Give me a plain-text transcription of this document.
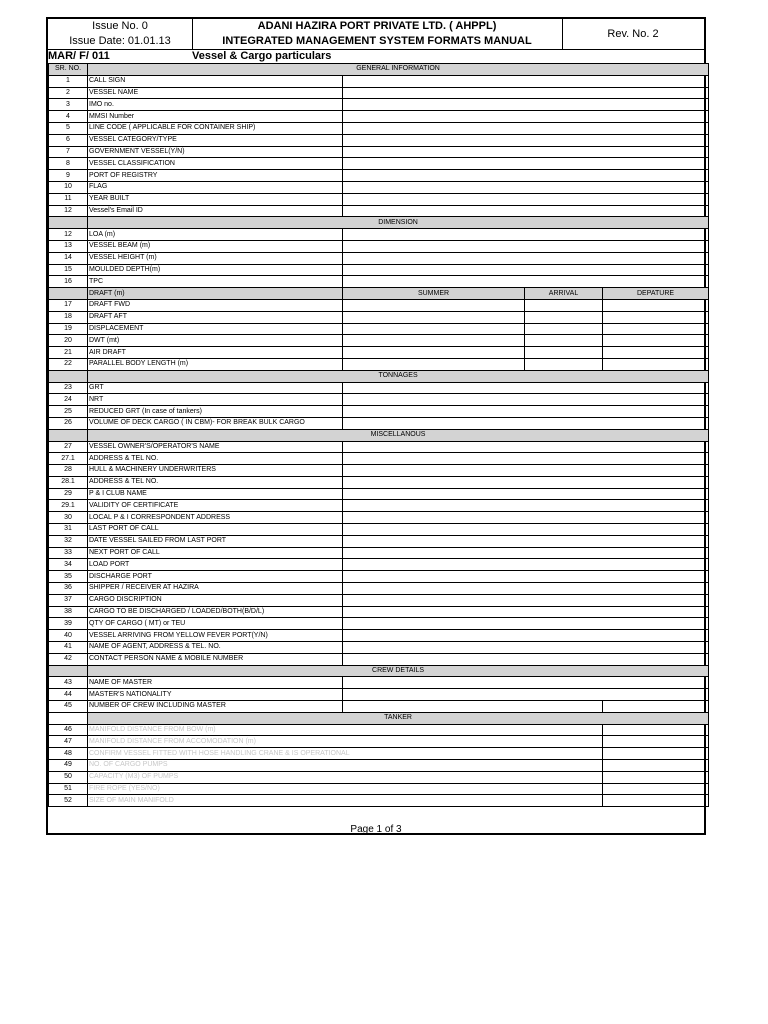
Issue No. 0
Issue Date: 01.01.13
ADANI HAZIRA PORT PRIVATE LTD. ( AHPPL)
INTEGRATED MANAGEMENT SYSTEM FORMATS MANUAL
Rev. No. 2
MAR/ F/ 011	Vessel & Cargo particulars
SR. NO.	GENERAL INFORMATION			
1	CALL SIGN			
2	VESSEL NAME			
3	IMO no.			
4	MMSI Number			
5	LINE CODE ( APPLICABLE FOR CONTAINER SHIP)			
6	VESSEL CATEGORY/TYPE			
7	GOVERNMENT VESSEL(Y/N)			
8	VESSEL CLASSIFICATION			
9	PORT OF REGISTRY			
10	FLAG			
11	YEAR BUILT			
12	Vessel's Email ID			
	DIMENSION			
12	LOA (m)			
13	VESSEL BEAM (m)			
14	VESSEL HEIGHT (m)			
15	MOULDED DEPTH(m)			
16	TPC			
	DRAFT (m)	SUMMER	ARRIVAL	DEPATURE
17	DRAFT FWD			
18	DRAFT AFT			
19	DISPLACEMENT			
20	DWT (mt)			
21	AIR DRAFT			
22	PARALLEL BODY LENGTH (m)			
	TONNAGES			
23	GRT			
24	NRT			
25	REDUCED GRT (In case of tankers)			
26	VOLUME OF DECK CARGO ( IN CBM)- FOR BREAK BULK CARGO			
	MISCELLANOUS			
27	VESSEL OWNER'S/OPERATOR'S NAME			
27.1	ADDRESS & TEL NO.			
28	HULL & MACHINERY UNDERWRITERS			
28.1	ADDRESS & TEL NO.			
29	P & I CLUB NAME			
29.1	VALIDITY OF CERTIFICATE			
30	LOCAL P & I CORRESPONDENT ADDRESS			
31	LAST PORT OF CALL			
32	DATE VESSEL SAILED FROM LAST PORT			
33	NEXT PORT OF CALL			
34	LOAD PORT			
35	DISCHARGE PORT			
36	SHIPPER / RECEIVER AT HAZIRA			
37	CARGO DISCRIPTION			
38	CARGO TO BE DISCHARGED / LOADED/BOTH(B/D/L)			
39	QTY OF CARGO ( MT) or TEU			
40	VESSEL ARRIVING FROM YELLOW FEVER PORT(Y/N)			
41	NAME OF AGENT, ADDRESS & TEL. NO.			
42	CONTACT PERSON NAME & MOBILE NUMBER			
	CREW DETAILS			
43	NAME OF MASTER			
44	MASTER'S NATIONALITY			
45	NUMBER OF CREW INCLUDING MASTER			
	TANKER			
46	MANIFOLD DISTANCE FROM BOW (m)			
47	MANIFOLD DISTANCE FROM ACCOMODATION (m)			
48	CONFIRM VESSEL FITTED WITH HOSE HANDLING CRANE & IS OPERATIONAL			
49	NO. OF CARGO PUMPS			
50	CAPACITY (M3) OF PUMPS			
51	FIRE ROPE (YES/NO)			
52	SIZE OF MAIN MANIFOLD			
Page 1 of 3
